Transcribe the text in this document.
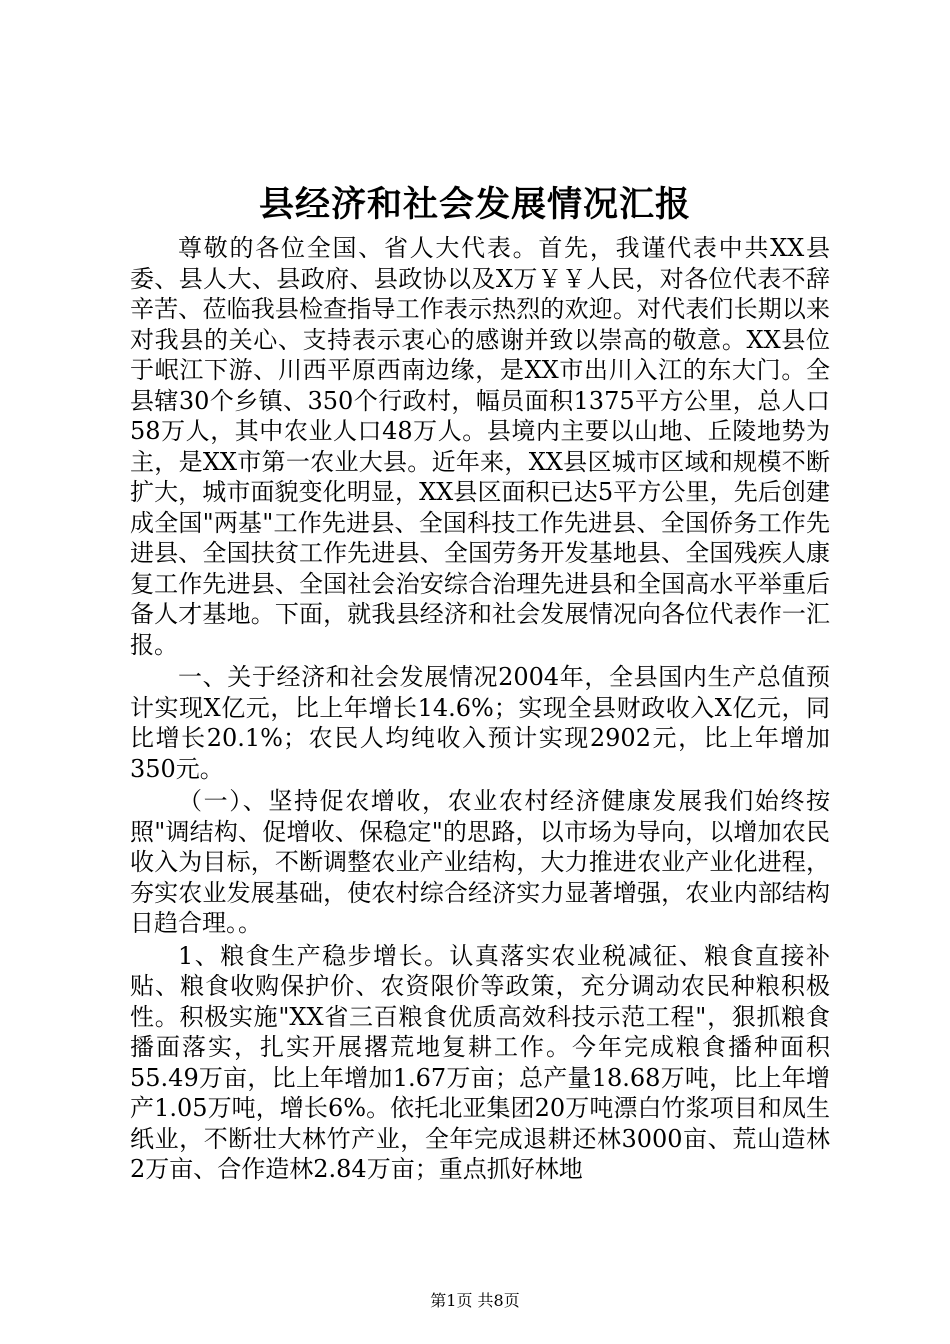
县经济和社会发展情况汇报

尊敬的各位全国、省人大代表。首先，我谨代表中共XX县委、县人大、县政府、县政协以及X万￥￥人民，对各位代表不辞辛苦、莅临我县检查指导工作表示热烈的欢迎。对代表们长期以来对我县的关心、支持表示衷心的感谢并致以崇高的敬意。XX县位于岷江下游、川西平原西南边缘，是XX市出川入江的东大门。全县辖30个乡镇、350个行政村，幅员面积1375平方公里，总人口58万人，其中农业人口48万人。县境内主要以山地、丘陵地势为主，是XX市第一农业大县。近年来，XX县区城市区域和规模不断扩大，城市面貌变化明显，XX县区面积已达5平方公里，先后创建成全国"两基"工作先进县、全国科技工作先进县、全国侨务工作先进县、全国扶贫工作先进县、全国劳务开发基地县、全国残疾人康复工作先进县、全国社会治安综合治理先进县和全国高水平举重后备人才基地。下面，就我县经济和社会发展情况向各位代表作一汇报。

一、关于经济和社会发展情况2004年，全县国内生产总值预计实现X亿元，比上年增长14.6%；实现全县财政收入X亿元，同比增长20.1%；农民人均纯收入预计实现2902元，比上年增加350元。

（一）、坚持促农增收，农业农村经济健康发展我们始终按照"调结构、促增收、保稳定"的思路，以市场为导向，以增加农民收入为目标，不断调整农业产业结构，大力推进农业产业化进程，夯实农业发展基础，使农村综合经济实力显著增强，农业内部结构日趋合理。。

1、粮食生产稳步增长。认真落实农业税减征、粮食直接补贴、粮食收购保护价、农资限价等政策，充分调动农民种粮积极性。积极实施"XX省三百粮食优质高效科技示范工程"，狠抓粮食播面落实，扎实开展撂荒地复耕工作。今年完成粮食播种面积55.49万亩，比上年增加1.67万亩；总产量18.68万吨，比上年增产1.05万吨，增长6%。依托北亚集团20万吨漂白竹浆项目和凤生纸业，不断壮大林竹产业，全年完成退耕还林3000亩、荒山造林2万亩、合作造林2.84万亩；重点抓好林地

第1页 共8页
